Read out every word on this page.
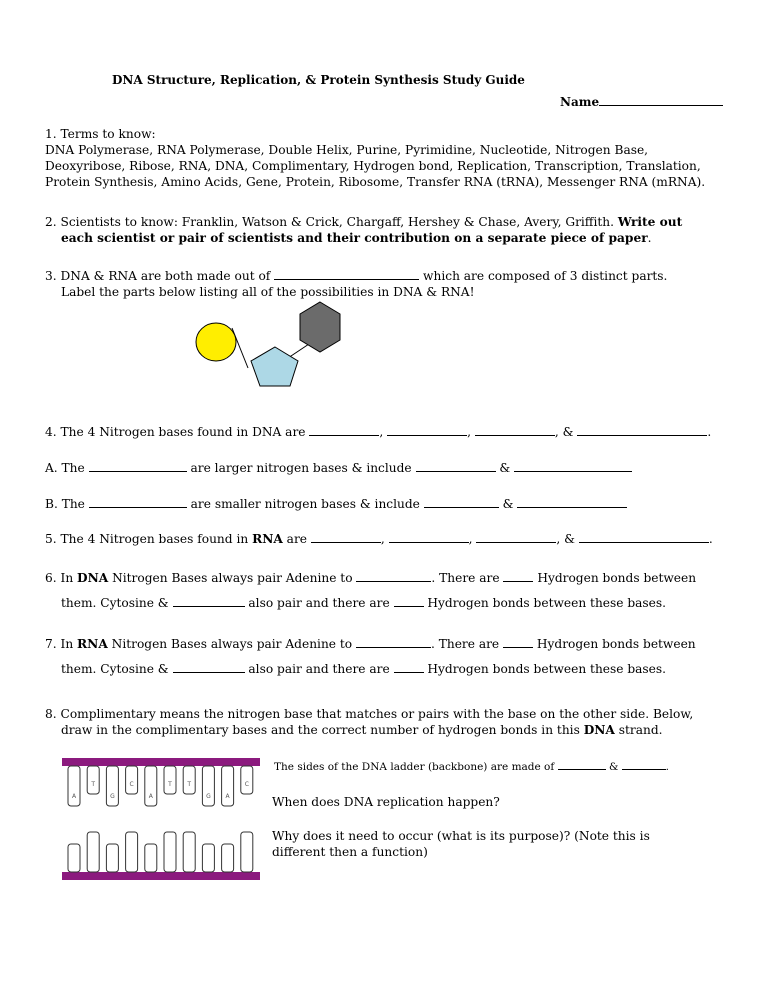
DNA Structure, Replication, & Protein Synthesis Study Guide
Name
1. Terms to know:
DNA Polymerase, RNA Polymerase, Double Helix, Purine, Pyrimidine, Nucleotide, Nitrogen Base,
Deoxyribose, Ribose, RNA, DNA, Complimentary, Hydrogen bond, Replication, Transcription, Translation,
Protein Synthesis, Amino Acids, Gene, Protein, Ribosome, Transfer RNA (tRNA), Messenger RNA (mRNA).
2. Scientists to know: Franklin, Watson & Crick, Chargaff, Hershey & Chase, Avery, Griffith. Write out
each scientist or pair of scientists and their contribution on a separate piece of paper.
3. DNA & RNA are both made out of	which are composed of 3 distinct parts.
Label the parts below listing all of the possibilities in DNA & RNA!
4. The 4 Nitrogen bases found in DNA are	,	,	, &	.
A. The	are larger nitrogen bases & include	&
B. The	are smaller nitrogen bases & include	&
5. The 4 Nitrogen bases found in RNA are	,	,	, &	.
6. In DNA Nitrogen Bases always pair Adenine to	. There are  Hydrogen bonds between
them. Cytosine &	also pair and there are  Hydrogen bonds between these bases.
7. In RNA Nitrogen Bases always pair Adenine to	. There are  Hydrogen bonds between
them. Cytosine &	also pair and there are  Hydrogen bonds between these bases.
8. Complimentary means the nitrogen base that matches or pairs with the base on the other side. Below,
draw in the complimentary bases and the correct number of hydrogen bonds in this DNA strand.
A
T
G
C
A
T	T
G A
C
The sides of the DNA ladder (backbone) are made of	&	.
When does DNA replication happen?
Why does it need to occur (what is its purpose)? (Note this is
different then a function)
